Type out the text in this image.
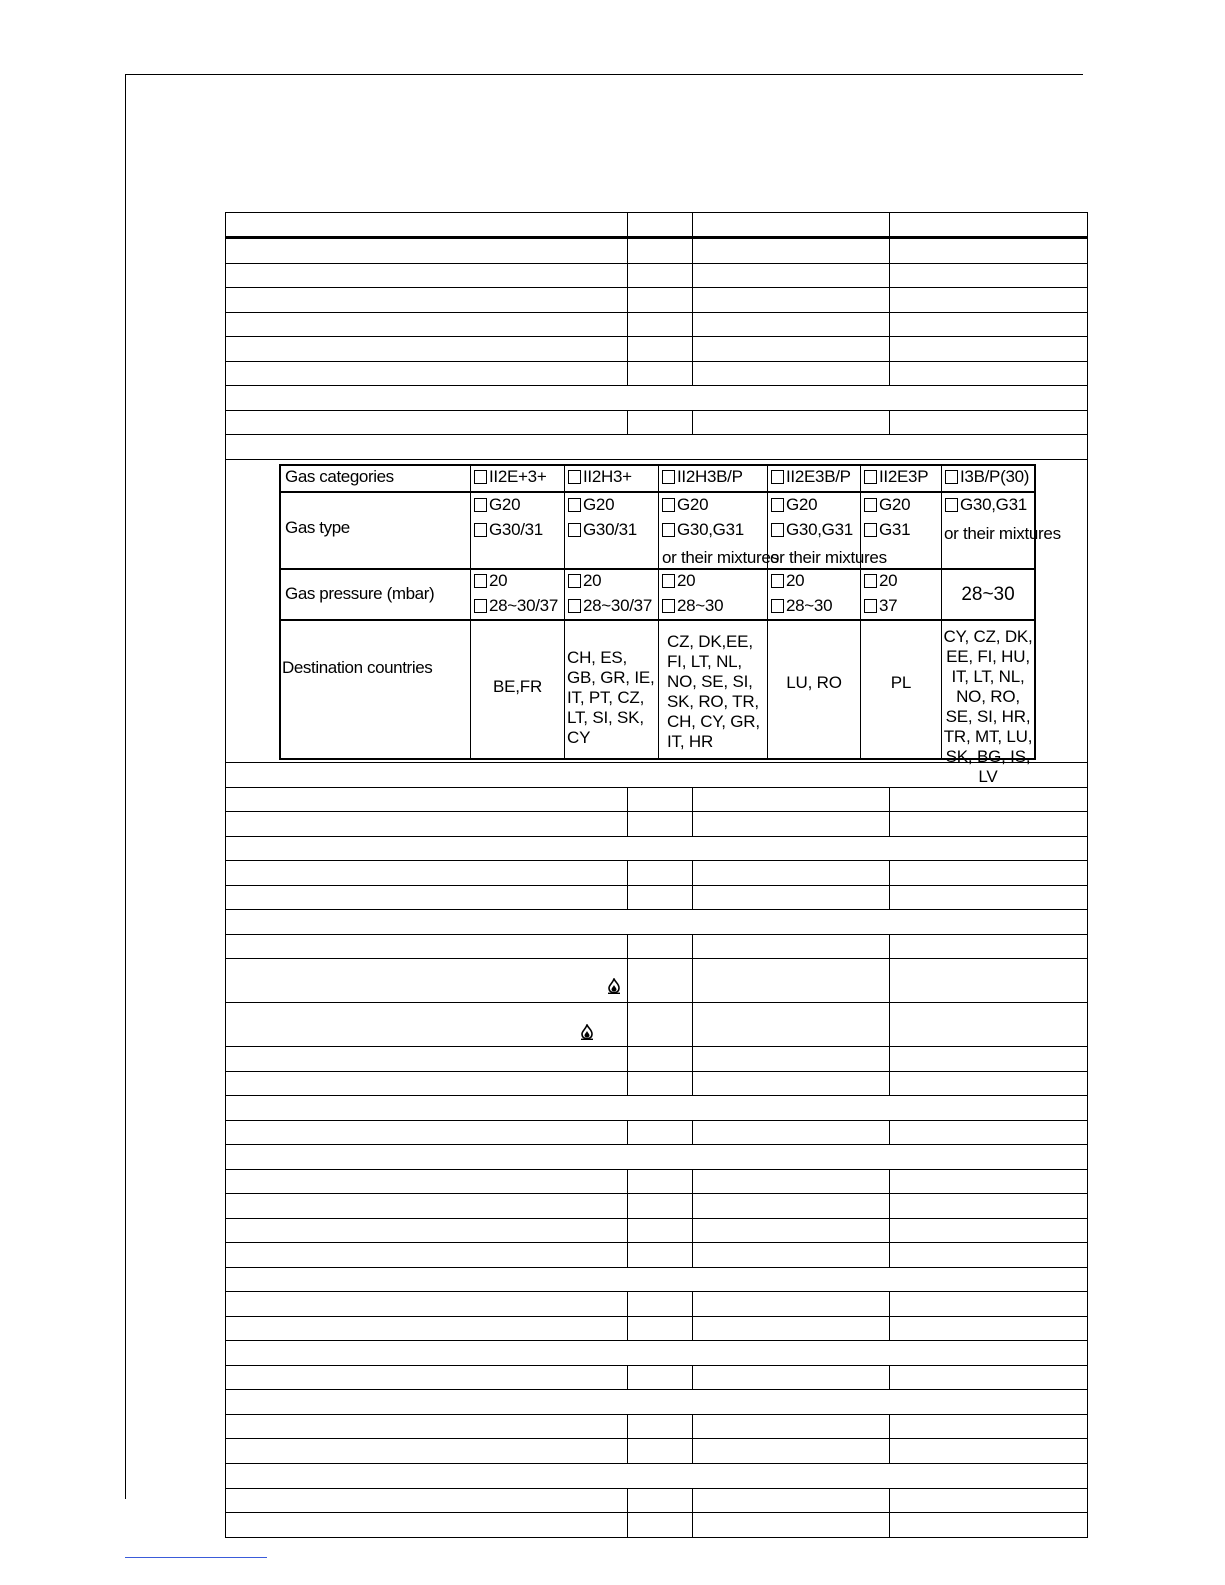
Gas categories
Gas type
Gas pressure (mbar)
Destination countries
II2E+3+
G20
G30/31
20
28~30/37
BE,FR
II2H3+
G20
G30/31
20
28~30/37
CH, ES, GB, GR, IE, IT, PT, CZ, LT, SI, SK, CY
II2H3B/P
G20
G30,G31
or their mixtures
20
28~30
CZ, DK,EE, FI, LT, NL, NO, SE, SI, SK, RO, TR, CH, CY, GR, IT, HR
II2E3B/P
G20
G30,G31
or their mixtures
20
28~30
LU, RO
II2E3P
G20
G31
20
37
PL
I3B/P(30)
G30,G31
or their mixtures
28~30
CY, CZ, DK, EE, FI, HU, IT, LT, NL, NO, RO, SE, SI, HR, TR, MT, LU, SK, BG, IS, LV
